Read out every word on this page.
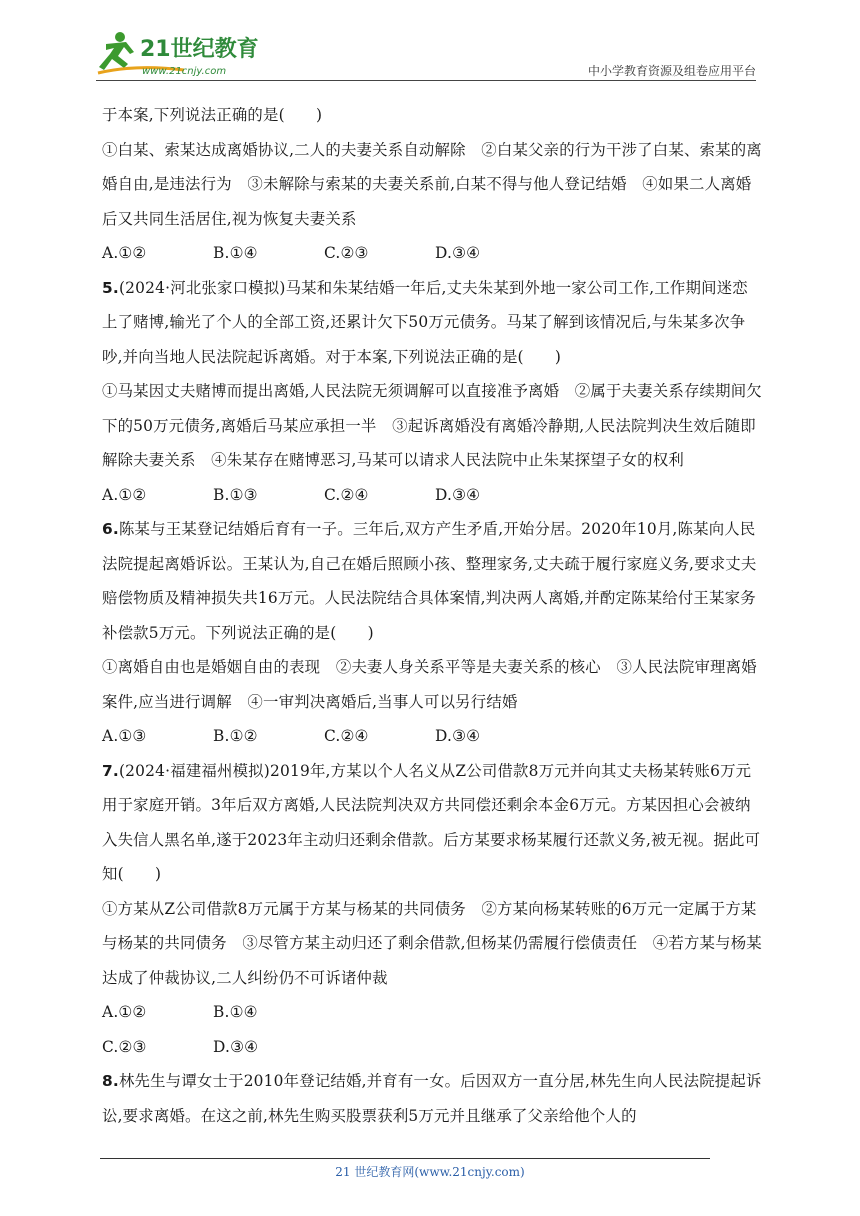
21世纪教育
www.21cnjy.com	中小学教育资源及组卷应用平台

于本案,下列说法正确的是(　　)

①白某、索某达成离婚协议,二人的夫妻关系自动解除　②白某父亲的行为干涉了白某、索某的离婚自由,是违法行为　③未解除与索某的夫妻关系前,白某不得与他人登记结婚　④如果二人离婚后又共同生活居住,视为恢复夫妻关系

A.①②	B.①④	C.②③	D.③④

5.(2024·河北张家口模拟)马某和朱某结婚一年后,丈夫朱某到外地一家公司工作,工作期间迷恋上了赌博,输光了个人的全部工资,还累计欠下50万元债务。马某了解到该情况后,与朱某多次争吵,并向当地人民法院起诉离婚。对于本案,下列说法正确的是(　　)

①马某因丈夫赌博而提出离婚,人民法院无须调解可以直接准予离婚　②属于夫妻关系存续期间欠下的50万元债务,离婚后马某应承担一半　③起诉离婚没有离婚冷静期,人民法院判决生效后随即解除夫妻关系　④朱某存在赌博恶习,马某可以请求人民法院中止朱某探望子女的权利

A.①②	B.①③	C.②④	D.③④

6.陈某与王某登记结婚后育有一子。三年后,双方产生矛盾,开始分居。2020年10月,陈某向人民法院提起离婚诉讼。王某认为,自己在婚后照顾小孩、整理家务,丈夫疏于履行家庭义务,要求丈夫赔偿物质及精神损失共16万元。人民法院结合具体案情,判决两人离婚,并酌定陈某给付王某家务补偿款5万元。下列说法正确的是(　　)

①离婚自由也是婚姻自由的表现　②夫妻人身关系平等是夫妻关系的核心　③人民法院审理离婚案件,应当进行调解　④一审判决离婚后,当事人可以另行结婚

A.①③	B.①②	C.②④	D.③④

7.(2024·福建福州模拟)2019年,方某以个人名义从Z公司借款8万元并向其丈夫杨某转账6万元用于家庭开销。3年后双方离婚,人民法院判决双方共同偿还剩余本金6万元。方某因担心会被纳入失信人黑名单,遂于2023年主动归还剩余借款。后方某要求杨某履行还款义务,被无视。据此可知(　　)

①方某从Z公司借款8万元属于方某与杨某的共同债务　②方某向杨某转账的6万元一定属于方某与杨某的共同债务　③尽管方某主动归还了剩余借款,但杨某仍需履行偿债责任　④若方某与杨某达成了仲裁协议,二人纠纷仍不可诉诸仲裁

A.①②	B.①④

C.②③	D.③④

8.林先生与谭女士于2010年登记结婚,并育有一女。后因双方一直分居,林先生向人民法院提起诉讼,要求离婚。在这之前,林先生购买股票获利5万元并且继承了父亲给他个人的

21 世纪教育网(www.21cnjy.com)
